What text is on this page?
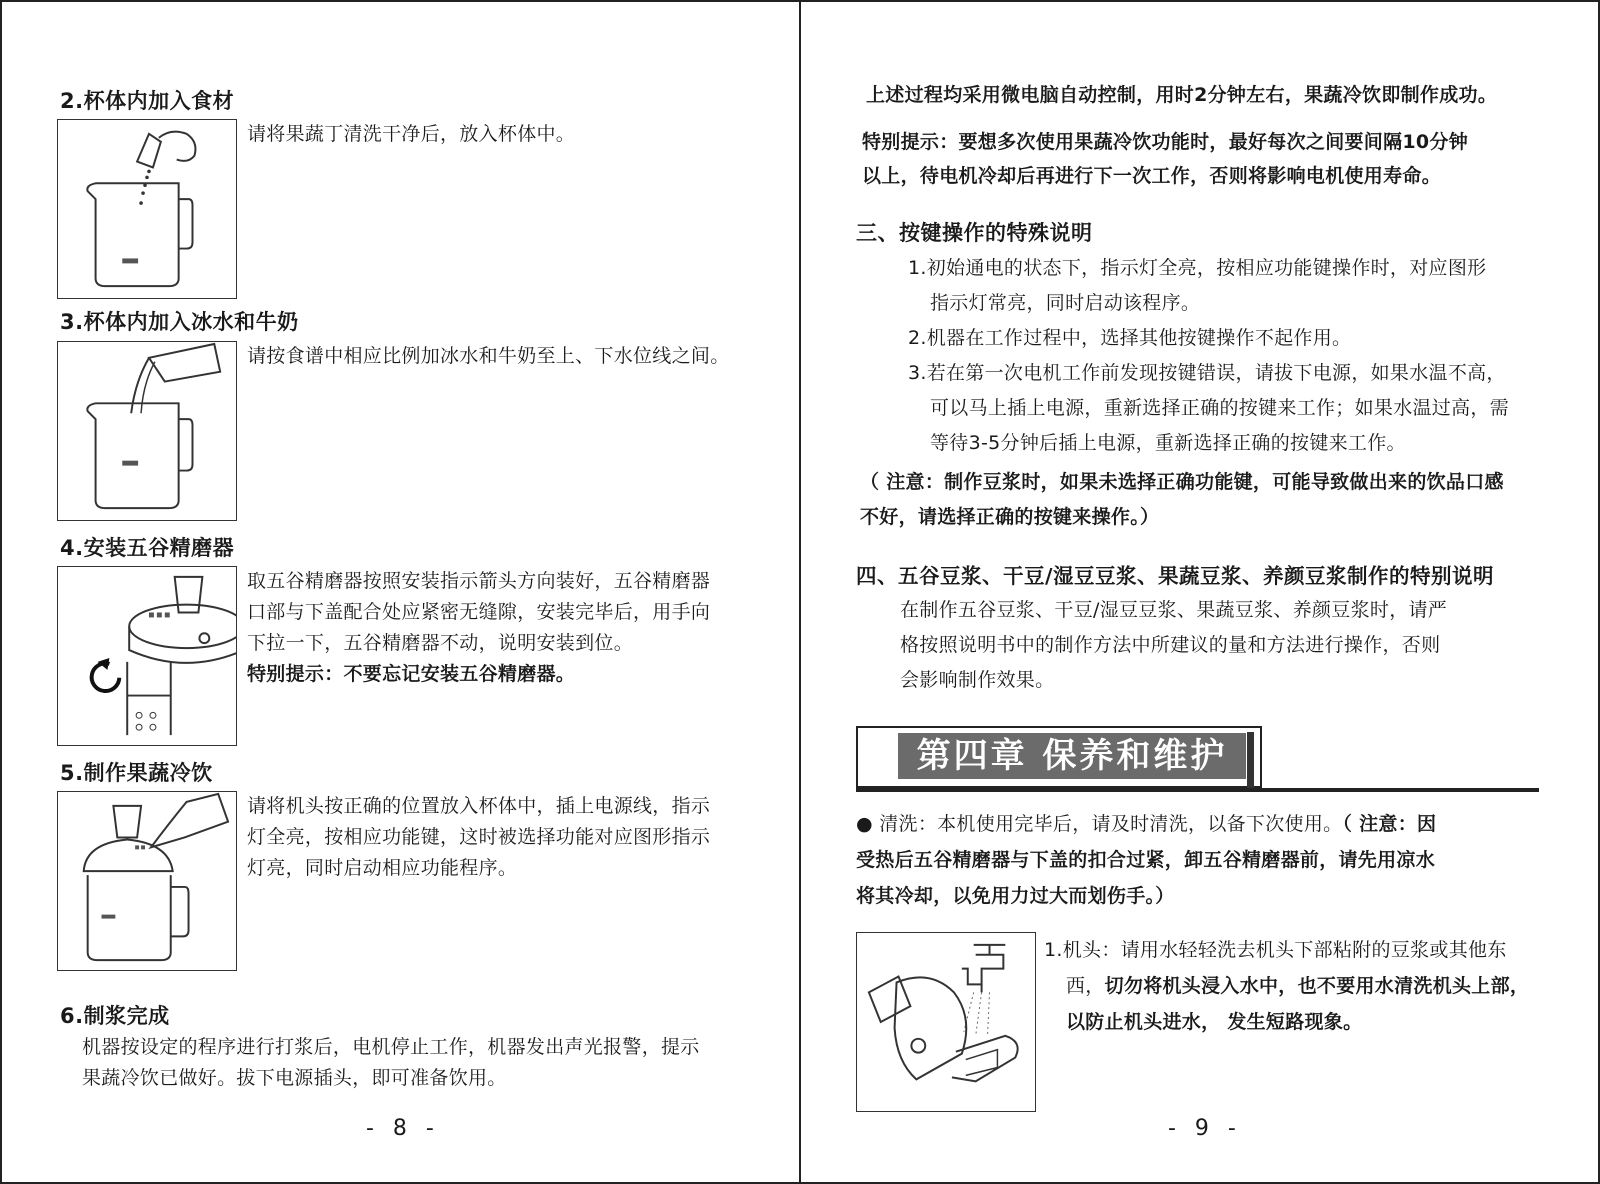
2.杯体内加入食材

请将果蔬丁清洗干净后，放入杯体中。

3.杯体内加入冰水和牛奶

请按食谱中相应比例加冰水和牛奶至上、下水位线之间。

4.安装五谷精磨器

取五谷精磨器按照安装指示箭头方向装好，五谷精磨器

口部与下盖配合处应紧密无缝隙，安装完毕后，用手向

下拉一下，五谷精磨器不动，说明安装到位。

特别提示：不要忘记安装五谷精磨器。

5.制作果蔬冷饮

请将机头按正确的位置放入杯体中，插上电源线，指示

灯全亮，按相应功能键，这时被选择功能对应图形指示

灯亮，同时启动相应功能程序。

6.制浆完成

机器按设定的程序进行打浆后，电机停止工作，机器发出声光报警，提示

果蔬冷饮已做好。拔下电源插头，即可准备饮用。

- 8 -

上述过程均采用微电脑自动控制，用时2分钟左右，果蔬冷饮即制作成功。

特别提示：要想多次使用果蔬冷饮功能时，最好每次之间要间隔10分钟

以上，待电机冷却后再进行下一次工作，否则将影响电机使用寿命。

三、按键操作的特殊说明

1.初始通电的状态下，指示灯全亮，按相应功能键操作时，对应图形

指示灯常亮，同时启动该程序。

2.机器在工作过程中，选择其他按键操作不起作用。

3.若在第一次电机工作前发现按键错误，请拔下电源，如果水温不高，

可以马上插上电源，重新选择正确的按键来工作；如果水温过高，需

等待3-5分钟后插上电源，重新选择正确的按键来工作。

（ 注意：制作豆浆时，如果未选择正确功能键，可能导致做出来的饮品口感

不好，请选择正确的按键来操作。）

四、五谷豆浆、干豆/湿豆豆浆、果蔬豆浆、养颜豆浆制作的特别说明

在制作五谷豆浆、干豆/湿豆豆浆、果蔬豆浆、养颜豆浆时，请严

格按照说明书中的制作方法中所建议的量和方法进行操作，否则

会影响制作效果。

第四章 保养和维护

● 清洗：本机使用完毕后，请及时清洗，以备下次使用。（ 注意：因

受热后五谷精磨器与下盖的扣合过紧，卸五谷精磨器前，请先用凉水

将其冷却，以免用力过大而划伤手。）

1.机头：请用水轻轻洗去机头下部粘附的豆浆或其他东

西，切勿将机头浸入水中，也不要用水清洗机头上部，

以防止机头进水， 发生短路现象。

- 9 -
